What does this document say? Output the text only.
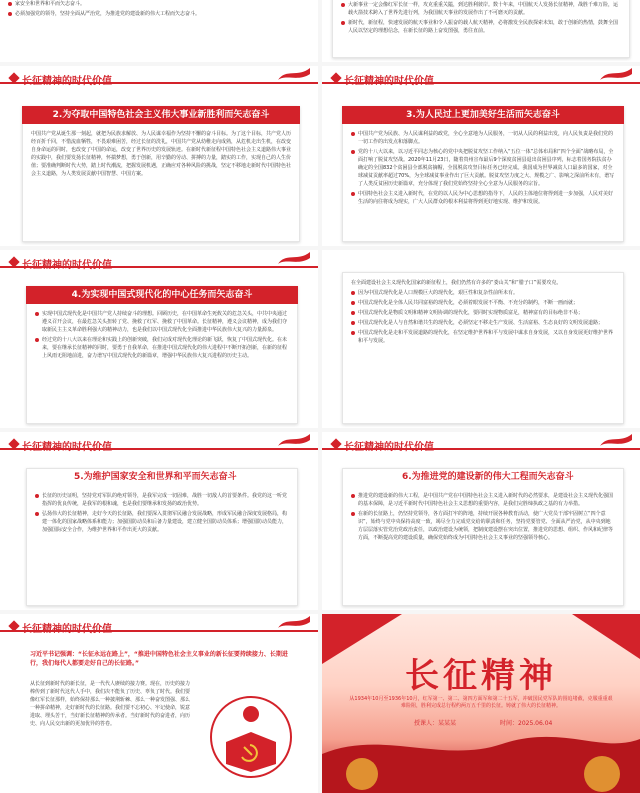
家安全和世界和平而矢志奋斗。
必须加强党的领导，坚持全面从严治党，为推进党的建设新的伟大工程而矢志奋斗。
大新事业一定会像红军长征一样，攻克重重关隘，到达胜利彼岸。数十年来，中国航天人发扬长征精神，战胜千难万险，运载火箭技术跨入了世界先进行列，为我国航天事业的发展作出了不可磨灭的贡献。
新时代，新征程，快速发展的航天事业和令人振奋的载人航天精神，必将激发全民族探索未知，敢于创新的热情，鼓舞全国人民以坚定的理想信念，在新长征的路上奋发图强，勇往直前。
2.为夺取中国特色社会主义伟大事业新胜利而矢志奋斗
中国共产党从诞生那一刻起，就把为民族求解放、为人民谋幸福作为坚持不懈的奋斗目标。为了这个目标，共产党人历经百折千回，不惜流血牺牲，不畏艰难困苦，经过长征的洗礼，中国共产党从幼稚走向成熟，从危机走出生机，在改变自身命运的同时，也改变了中国的命运，改变了世界历史的发展轨迹。在新时代新征程中国特色社会主义道路伟大事业的实践中，我们要发扬长征精神，怀揣梦想，勇于创新，用辛勤的劳动、拼搏的力量，踏实的工作，实现自己的人生价值；要准确判断时代大势，踏上时代潮流，把握发展机遇，正确应对各种风险的挑战，坚定不移地走新时代中国特色社会主义道路，为人类发展贡献中国智慧、中国方案。
3.为人民过上更加美好生活而矢志奋斗
中国共产党为民族、为人民谋利益的政党，全心全意地为人民服务，一切从人民的利益出发，向人民负责是我们党的一切工作的出发点和落脚点。
党的十八大以来，以习近平同志为核心的党中央把脱贫攻坚工作纳入“五位一体”总体布局和“四个全面”战略布局，全面打响了脱贫攻坚战。2020年11月23日，随着贵州宣布最后9个深度贫困县退出贫困县序列，标志着国务院扶贫办确定的全国832个贫困县全部脱贫摘帽，全国脱贫攻坚目标任务已经完成。我国成为世界减贫人口最多的国家，对全球减贫贡献率超过70%，为全球减贫事业作出了巨大贡献。脱贫攻坚力度之大、规模之广、影响之深前所未有，谱写了人类反贫困历史新篇章，充分体现了我们党始终坚持全心全意为人民服务的宗旨。
中国特色社会主义进入新时代，在党的以人民为中心思想的指导下，人民的主体地位将得到进一步加强，人民对美好生活的向往将成为现实，广大人民群众的根本利益将得到更好地实现、维护和发展。
4.为实现中国式现代化的中心任务而矢志奋斗
实现中国式现代化是中国共产党人持续奋斗的理想。回顾历史，在中国革命生死攸关的危急关头，中共中央通过遵义召开会议，在最危急关头扭转了党、挽救了红军、挽救了中国革命。长征精神，遵义会议精神，成为我们夺取新民主主义革命胜利强大的精神动力，也是我们以中国式现代化全面推进中华民族伟大复兴的力量源泉。
经过党的十八大以来在理论和实践上的创新突破，我们完成对现代化理论的新飞跃，恢复了中国式现代化。在未来，要在继承长征精神的同时，要勇于自我革命，在推进中国式现代化的伟大进程中不断开拓创新，在新的征程上风雨无阻地前进，奋力谱写中国式现代化的新篇章，增强中华民族伟大复兴进程的历史主动。
在全面建设社会主义现代化国家的新征程上，我们仍然有许多的“娄山关”和“腊子口”需要攻克。
因为中国式现代化是人口规模巨大的现代化，艰巨性和复杂性前所未有。
中国式现代化是全体人民共同富裕的现代化，必须着眼发展不平衡、不充分的制约，不断一画而就；
中国式现代化是物质文明和精神文明协调的现代化，要同时实现物质富足，精神富有的目标绝非不易；
中国式现代化是人与自然和谐共生的现代化，必须坚定不移走生产发展、生活富裕、生态良好的文明发展道路；
中国式现代化是走和平发展道路的现代化，在坚定维护世界和平与发展中谋求自身发展，又以自身发展更好维护世界和平与发展。
5.为维护国家安全和世界和平而矢志奋斗
长征的历史证明，坚持党对军队的绝对领导，是我军完成一切固难，战胜一切敌人的首要条件。我党的这一听党指挥的优良传统，是我军的根和魂，也是我们要继承和发扬的政治优势。
弘扬伟大的长征精神，走好今天的长征路，我们要深入贯彻军民融合发展战略，形成军民融合深度发展格局，构建一体化的国家战略体系和能力；加强国防动员和后备力量建设，建立健全国防动员体系；增强国防动员能力，加强国际安全合作，为维护世界和平作出更大的贡献。
6.为推进党的建设新的伟大工程而矢志奋斗
推进党的建设新的伟大工程，是中国共产党在中国特色社会主义进入新时代的必然要求，是建设社会主义现代化强国的基本保障，是习近平新时代中国特色社会主义思想的重要内容，是我们完胜缔执政之基的有力举措。
在新的长征路上，仍坚持党领导，各方面打牢的阵地，持续开展各种教育活动，使广大党员干部牢固树立“四个意识”，始终与党中央保持高度一致，竭尽全力完成党交给的职责和任务，坚持党要管党、全面从严治党，从中央到地方层层落实管党治党政治责任，以政治建设为统领，把制度建设摆在突出位置，推进党的思想、组织、作风和纪律等方面，不断提高党的建设质量，确保党始终成为中国特色社会主义事业的坚强领导核心。
习近平书记强调：“长征永远在路上”，“推进中国特色社会主义事业的新长征要持续接力、长期进行，我们每代人都要走好自己的长征路。”
从长征到新时代的新长征，是一代代人赓续的接力赛。现在，历史的接力棒传到了新时代这代人手中，我们决不能负了历史、辜负了时代。我们要像红军长征那样，始终保持那么一种披荆斩棘、那么一种奋发图强、那么一种拼命精神，走好新时代的长征路。我们要不忘初心、牢记使命，锐意进取、埋头苦干，当好新长征精神的传承者。当好新时代的奋进者，向历史、向人民交出新的更加优异的答卷。
长征精神
从1934年10月至1936年10月，红军第一、第二、第四方面军和第二十五军，冲破国民党军队的围追堵截，克服重重艰难险阻，胜利完成总行程约两万五千里的长征。铸就了伟大的长征精神。
授课人：某某某	时间：2025.06.04
